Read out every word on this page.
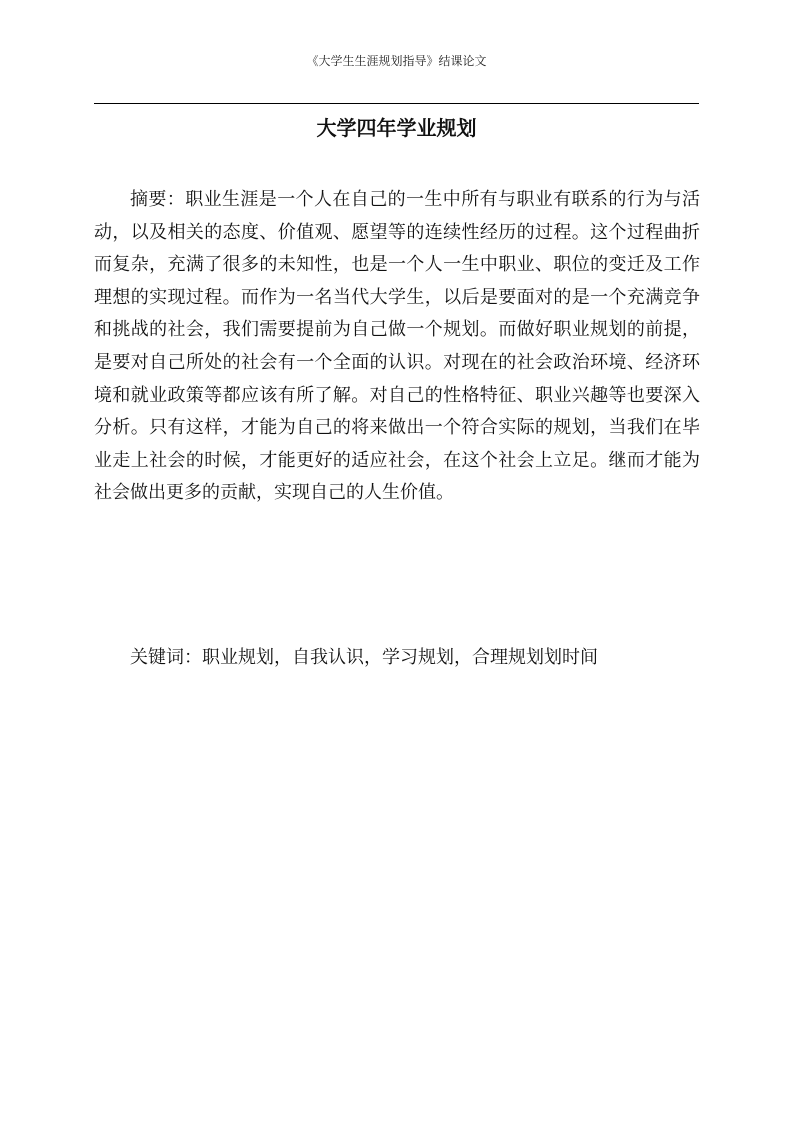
《大学生生涯规划指导》结课论文
大学四年学业规划

摘要：职业生涯是一个人在自己的一生中所有与职业有联系的行为与活动，以及相关的态度、价值观、愿望等的连续性经历的过程。这个过程曲折而复杂，充满了很多的未知性，也是一个人一生中职业、职位的变迁及工作理想的实现过程。而作为一名当代大学生，以后是要面对的是一个充满竞争和挑战的社会，我们需要提前为自己做一个规划。而做好职业规划的前提，是要对自己所处的社会有一个全面的认识。对现在的社会政治环境、经济环境和就业政策等都应该有所了解。对自己的性格特征、职业兴趣等也要深入分析。只有这样，才能为自己的将来做出一个符合实际的规划，当我们在毕业走上社会的时候，才能更好的适应社会，在这个社会上立足。继而才能为社会做出更多的贡献，实现自己的人生价值。

关键词：职业规划，自我认识，学习规划，合理规划划时间
